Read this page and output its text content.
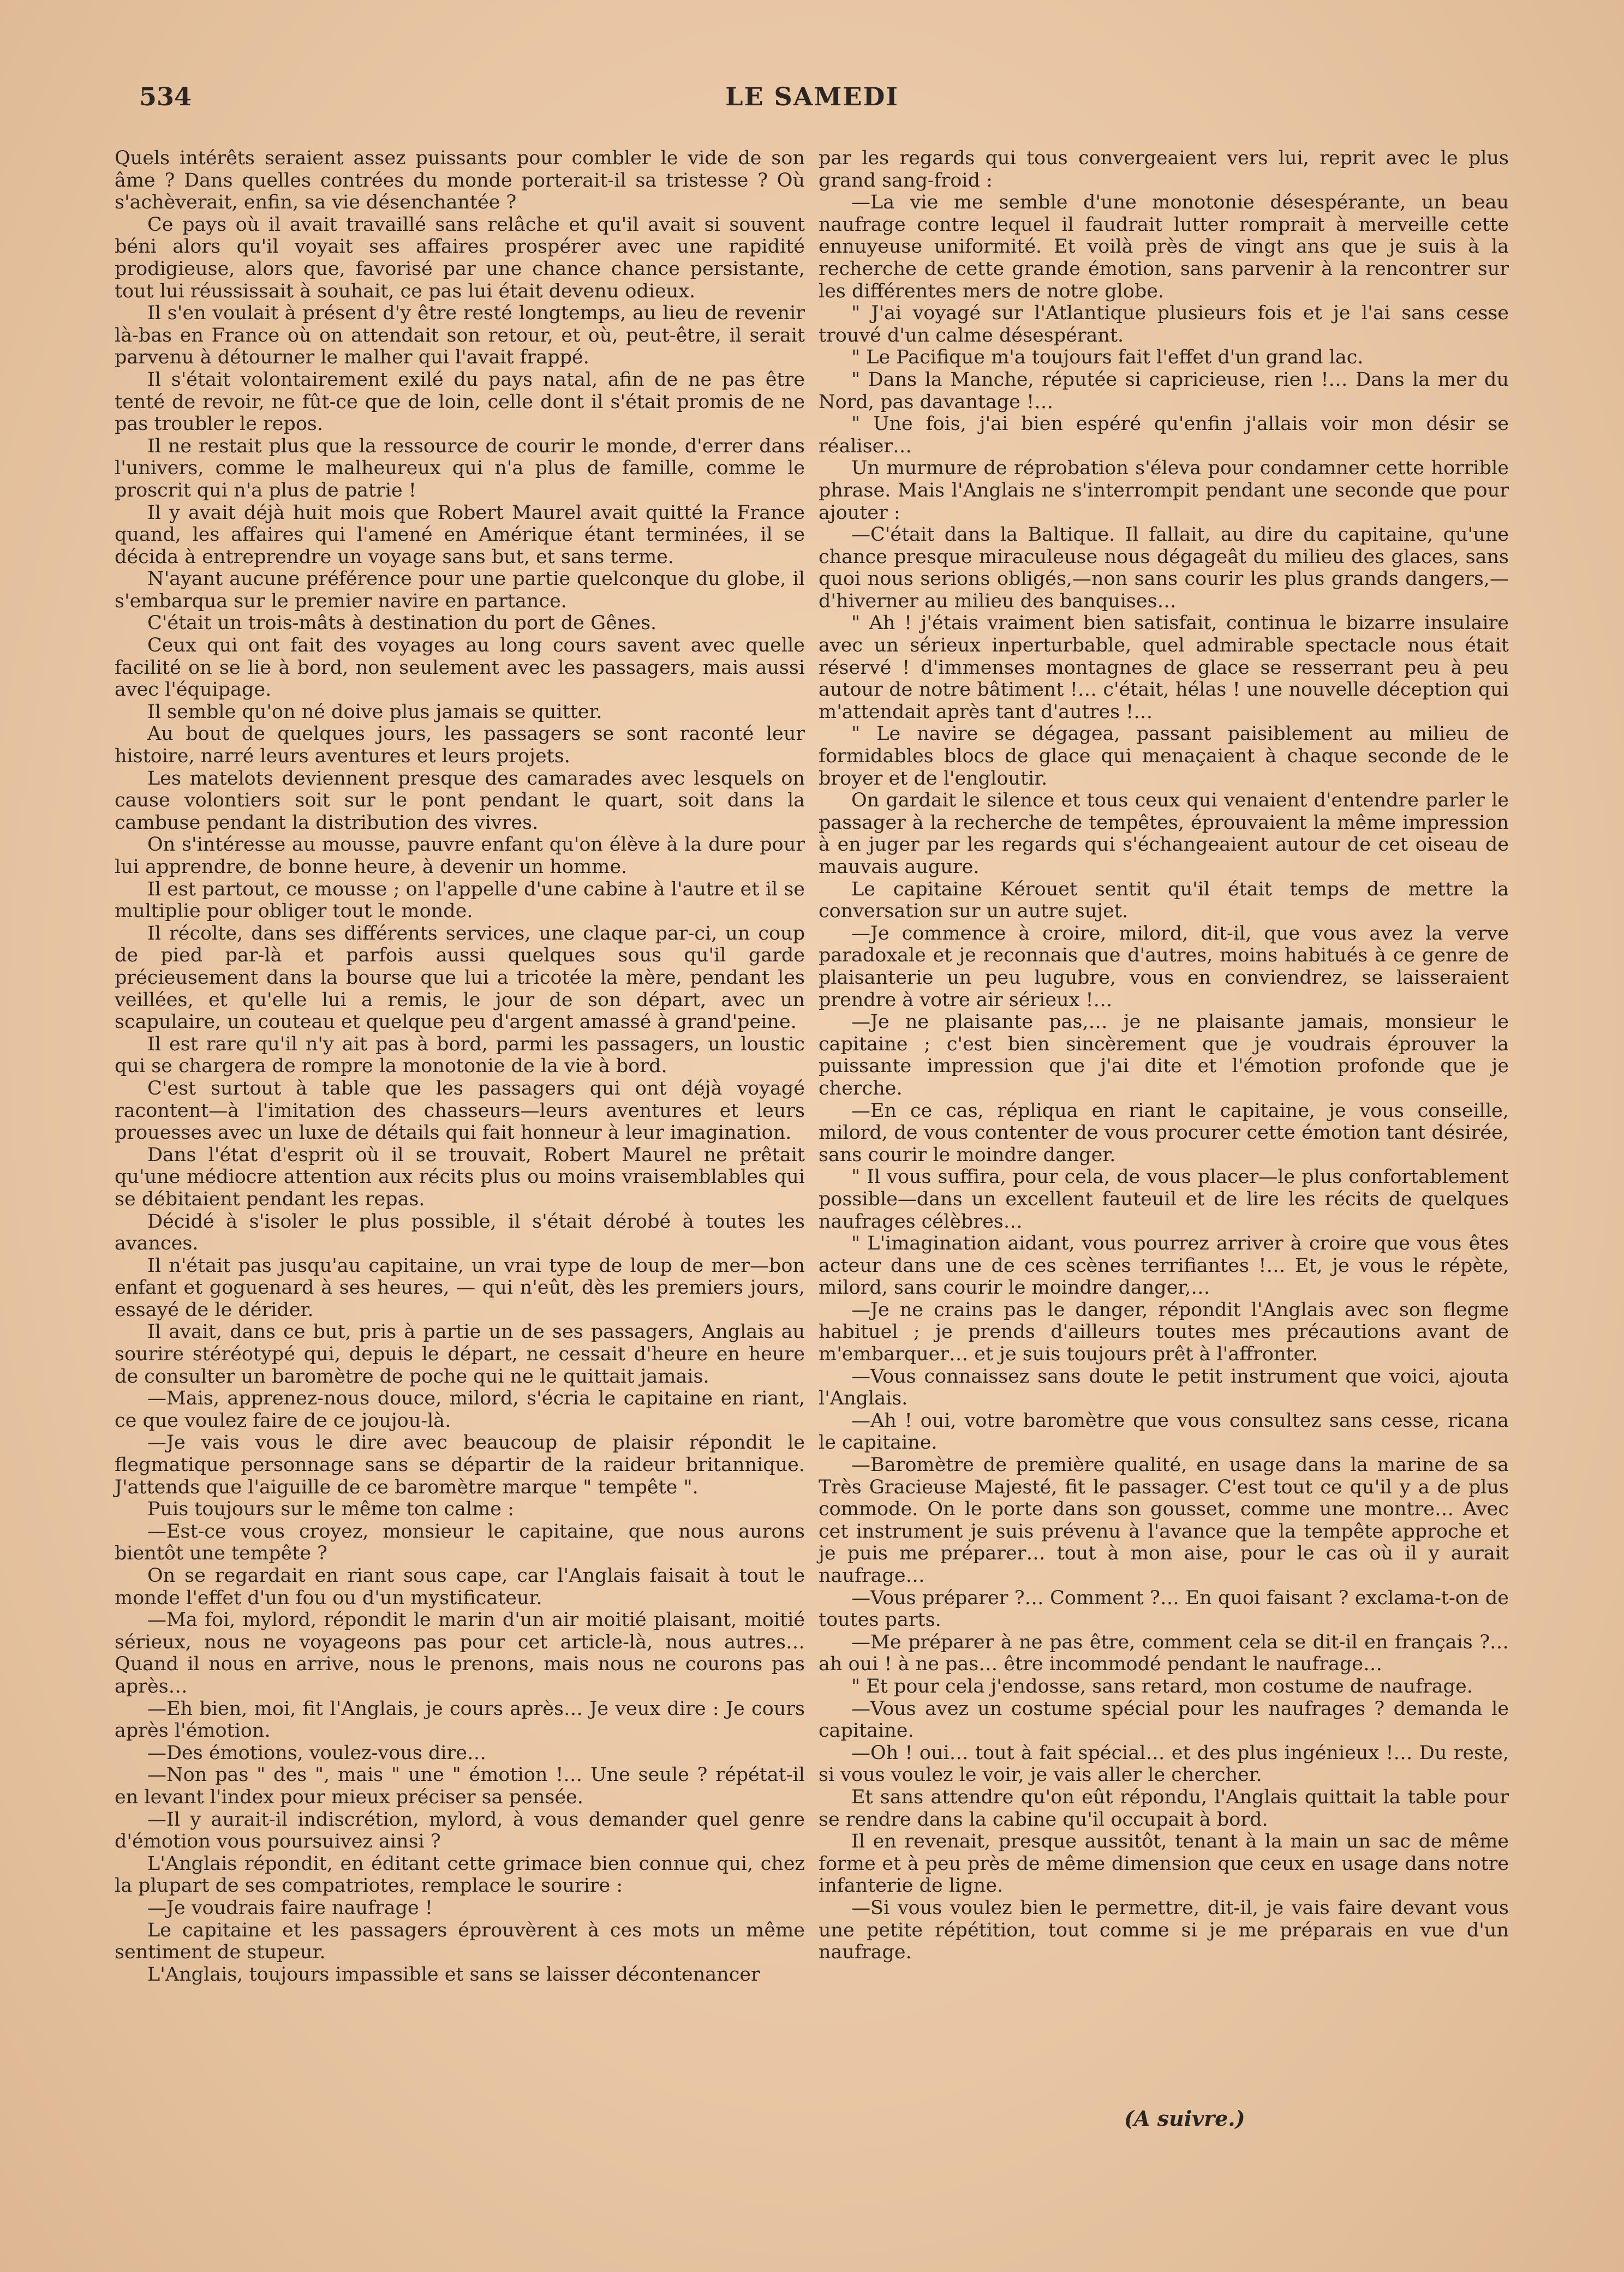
534	LE SAMEDI

Quels intérêts seraient assez puissants pour combler le vide de son âme ? Dans quelles contrées du monde porterait-il sa tristesse ? Où s'achèverait, enfin, sa vie désenchantée ?

Ce pays où il avait travaillé sans relâche et qu'il avait si souvent béni alors qu'il voyait ses affaires prospérer avec une rapidité prodigieuse, alors que, favorisé par une chance chance persistante, tout lui réussissait à souhait, ce pas lui était devenu odieux.

Il s'en voulait à présent d'y être resté longtemps, au lieu de revenir là-bas en France où on attendait son retour, et où, peut-être, il serait parvenu à détourner le malher qui l'avait frappé.

Il s'était volontairement exilé du pays natal, afin de ne pas être tenté de revoir, ne fût-ce que de loin, celle dont il s'était promis de ne pas troubler le repos.

Il ne restait plus que la ressource de courir le monde, d'errer dans l'univers, comme le malheureux qui n'a plus de famille, comme le proscrit qui n'a plus de patrie !

Il y avait déjà huit mois que Robert Maurel avait quitté la France quand, les affaires qui l'amené en Amérique étant terminées, il se décida à entreprendre un voyage sans but, et sans terme.

N'ayant aucune préférence pour une partie quelconque du globe, il s'embarqua sur le premier navire en partance.

C'était un trois-mâts à destination du port de Gênes.

Ceux qui ont fait des voyages au long cours savent avec quelle facilité on se lie à bord, non seulement avec les passagers, mais aussi avec l'équipage.

Il semble qu'on né doive plus jamais se quitter.

Au bout de quelques jours, les passagers se sont raconté leur histoire, narré leurs aventures et leurs projets.

Les matelots deviennent presque des camarades avec lesquels on cause volontiers soit sur le pont pendant le quart, soit dans la cambuse pendant la distribution des vivres.

On s'intéresse au mousse, pauvre enfant qu'on élève à la dure pour lui apprendre, de bonne heure, à devenir un homme.

Il est partout, ce mousse ; on l'appelle d'une cabine à l'autre et il se multiplie pour obliger tout le monde.

Il récolte, dans ses différents services, une claque par-ci, un coup de pied par-là et parfois aussi quelques sous qu'il garde précieusement dans la bourse que lui a tricotée la mère, pendant les veillées, et qu'elle lui a remis, le jour de son départ, avec un scapulaire, un couteau et quelque peu d'argent amassé à grand'peine.

Il est rare qu'il n'y ait pas à bord, parmi les passagers, un loustic qui se chargera de rompre la monotonie de la vie à bord.

C'est surtout à table que les passagers qui ont déjà voyagé racontent—à l'imitation des chasseurs—leurs aventures et leurs prouesses avec un luxe de détails qui fait honneur à leur imagination.

Dans l'état d'esprit où il se trouvait, Robert Maurel ne prêtait qu'une médiocre attention aux récits plus ou moins vraisemblables qui se débitaient pendant les repas.

Décidé à s'isoler le plus possible, il s'était dérobé à toutes les avances.

Il n'était pas jusqu'au capitaine, un vrai type de loup de mer—bon enfant et goguenard à ses heures, — qui n'eût, dès les premiers jours, essayé de le dérider.

Il avait, dans ce but, pris à partie un de ses passagers, Anglais au sourire stéréotypé qui, depuis le départ, ne cessait d'heure en heure de consulter un baromètre de poche qui ne le quittait jamais.

—Mais, apprenez-nous douce, milord, s'écria le capitaine en riant, ce que voulez faire de ce joujou-là.

—Je vais vous le dire avec beaucoup de plaisir répondit le flegmatique personnage sans se départir de la raideur britannique. J'attends que l'aiguille de ce baromètre marque " tempête ".

Puis toujours sur le même ton calme :

—Est-ce vous croyez, monsieur le capitaine, que nous aurons bientôt une tempête ?

On se regardait en riant sous cape, car l'Anglais faisait à tout le monde l'effet d'un fou ou d'un mystificateur.

—Ma foi, mylord, répondit le marin d'un air moitié plaisant, moitié sérieux, nous ne voyageons pas pour cet article-là, nous autres… Quand il nous en arrive, nous le prenons, mais nous ne courons pas après…

—Eh bien, moi, fit l'Anglais, je cours après… Je veux dire : Je cours après l'émotion.

—Des émotions, voulez-vous dire…

—Non pas " des ", mais " une " émotion !… Une seule ? répétat-il en levant l'index pour mieux préciser sa pensée.

—Il y aurait-il indiscrétion, mylord, à vous demander quel genre d'émotion vous poursuivez ainsi ?

L'Anglais répondit, en éditant cette grimace bien connue qui, chez la plupart de ses compatriotes, remplace le sourire :

—Je voudrais faire naufrage !

Le capitaine et les passagers éprouvèrent à ces mots un même sentiment de stupeur.

L'Anglais, toujours impassible et sans se laisser décontenancer

par les regards qui tous convergeaient vers lui, reprit avec le plus grand sang-froid :

—La vie me semble d'une monotonie désespérante, un beau naufrage contre lequel il faudrait lutter romprait à merveille cette ennuyeuse uniformité. Et voilà près de vingt ans que je suis à la recherche de cette grande émotion, sans parvenir à la rencontrer sur les différentes mers de notre globe.

" J'ai voyagé sur l'Atlantique plusieurs fois et je l'ai sans cesse trouvé d'un calme désespérant.

" Le Pacifique m'a toujours fait l'effet d'un grand lac.

" Dans la Manche, réputée si capricieuse, rien !… Dans la mer du Nord, pas davantage !…

" Une fois, j'ai bien espéré qu'enfin j'allais voir mon désir se réaliser…

Un murmure de réprobation s'éleva pour condamner cette horrible phrase. Mais l'Anglais ne s'interrompit pendant une seconde que pour ajouter :

—C'était dans la Baltique. Il fallait, au dire du capitaine, qu'une chance presque miraculeuse nous dégageât du milieu des glaces, sans quoi nous serions obligés,—non sans courir les plus grands dangers,—d'hiverner au milieu des banquises…

" Ah ! j'étais vraiment bien satisfait, continua le bizarre insulaire avec un sérieux inperturbable, quel admirable spectacle nous était réservé ! d'immenses montagnes de glace se resserrant peu à peu autour de notre bâtiment !… c'était, hélas ! une nouvelle déception qui m'attendait après tant d'autres !…

" Le navire se dégagea, passant paisiblement au milieu de formidables blocs de glace qui menaçaient à chaque seconde de le broyer et de l'engloutir.

On gardait le silence et tous ceux qui venaient d'entendre parler le passager à la recherche de tempêtes, éprouvaient la même impression à en juger par les regards qui s'échangeaient autour de cet oiseau de mauvais augure.

Le capitaine Kérouet sentit qu'il était temps de mettre la conversation sur un autre sujet.

—Je commence à croire, milord, dit-il, que vous avez la verve paradoxale et je reconnais que d'autres, moins habitués à ce genre de plaisanterie un peu lugubre, vous en conviendrez, se laisseraient prendre à votre air sérieux !…

—Je ne plaisante pas,… je ne plaisante jamais, monsieur le capitaine ; c'est bien sincèrement que je voudrais éprouver la puissante impression que j'ai dite et l'émotion profonde que je cherche.

—En ce cas, répliqua en riant le capitaine, je vous conseille, milord, de vous contenter de vous procurer cette émotion tant désirée, sans courir le moindre danger.

" Il vous suffira, pour cela, de vous placer—le plus confortablement possible—dans un excellent fauteuil et de lire les récits de quelques naufrages célèbres…

" L'imagination aidant, vous pourrez arriver à croire que vous êtes acteur dans une de ces scènes terrifiantes !… Et, je vous le répète, milord, sans courir le moindre danger,…

—Je ne crains pas le danger, répondit l'Anglais avec son flegme habituel ; je prends d'ailleurs toutes mes précautions avant de m'embarquer… et je suis toujours prêt à l'affronter.

—Vous connaissez sans doute le petit instrument que voici, ajouta l'Anglais.

—Ah ! oui, votre baromètre que vous consultez sans cesse, ricana le capitaine.

—Baromètre de première qualité, en usage dans la marine de sa Très Gracieuse Majesté, fit le passager. C'est tout ce qu'il y a de plus commode. On le porte dans son gousset, comme une montre… Avec cet instrument je suis prévenu à l'avance que la tempête approche et je puis me préparer… tout à mon aise, pour le cas où il y aurait naufrage…

—Vous préparer ?… Comment ?… En quoi faisant ? exclama-t-on de toutes parts.

—Me préparer à ne pas être, comment cela se dit-il en français ?… ah oui ! à ne pas… être incommodé pendant le naufrage…

" Et pour cela j'endosse, sans retard, mon costume de naufrage.

—Vous avez un costume spécial pour les naufrages ? demanda le capitaine.

—Oh ! oui… tout à fait spécial… et des plus ingénieux !… Du reste, si vous voulez le voir, je vais aller le chercher.

Et sans attendre qu'on eût répondu, l'Anglais quittait la table pour se rendre dans la cabine qu'il occupait à bord.

Il en revenait, presque aussitôt, tenant à la main un sac de même forme et à peu près de même dimension que ceux en usage dans notre infanterie de ligne.

—Si vous voulez bien le permettre, dit-il, je vais faire devant vous une petite répétition, tout comme si je me préparais en vue d'un naufrage.

(A suivre.)
